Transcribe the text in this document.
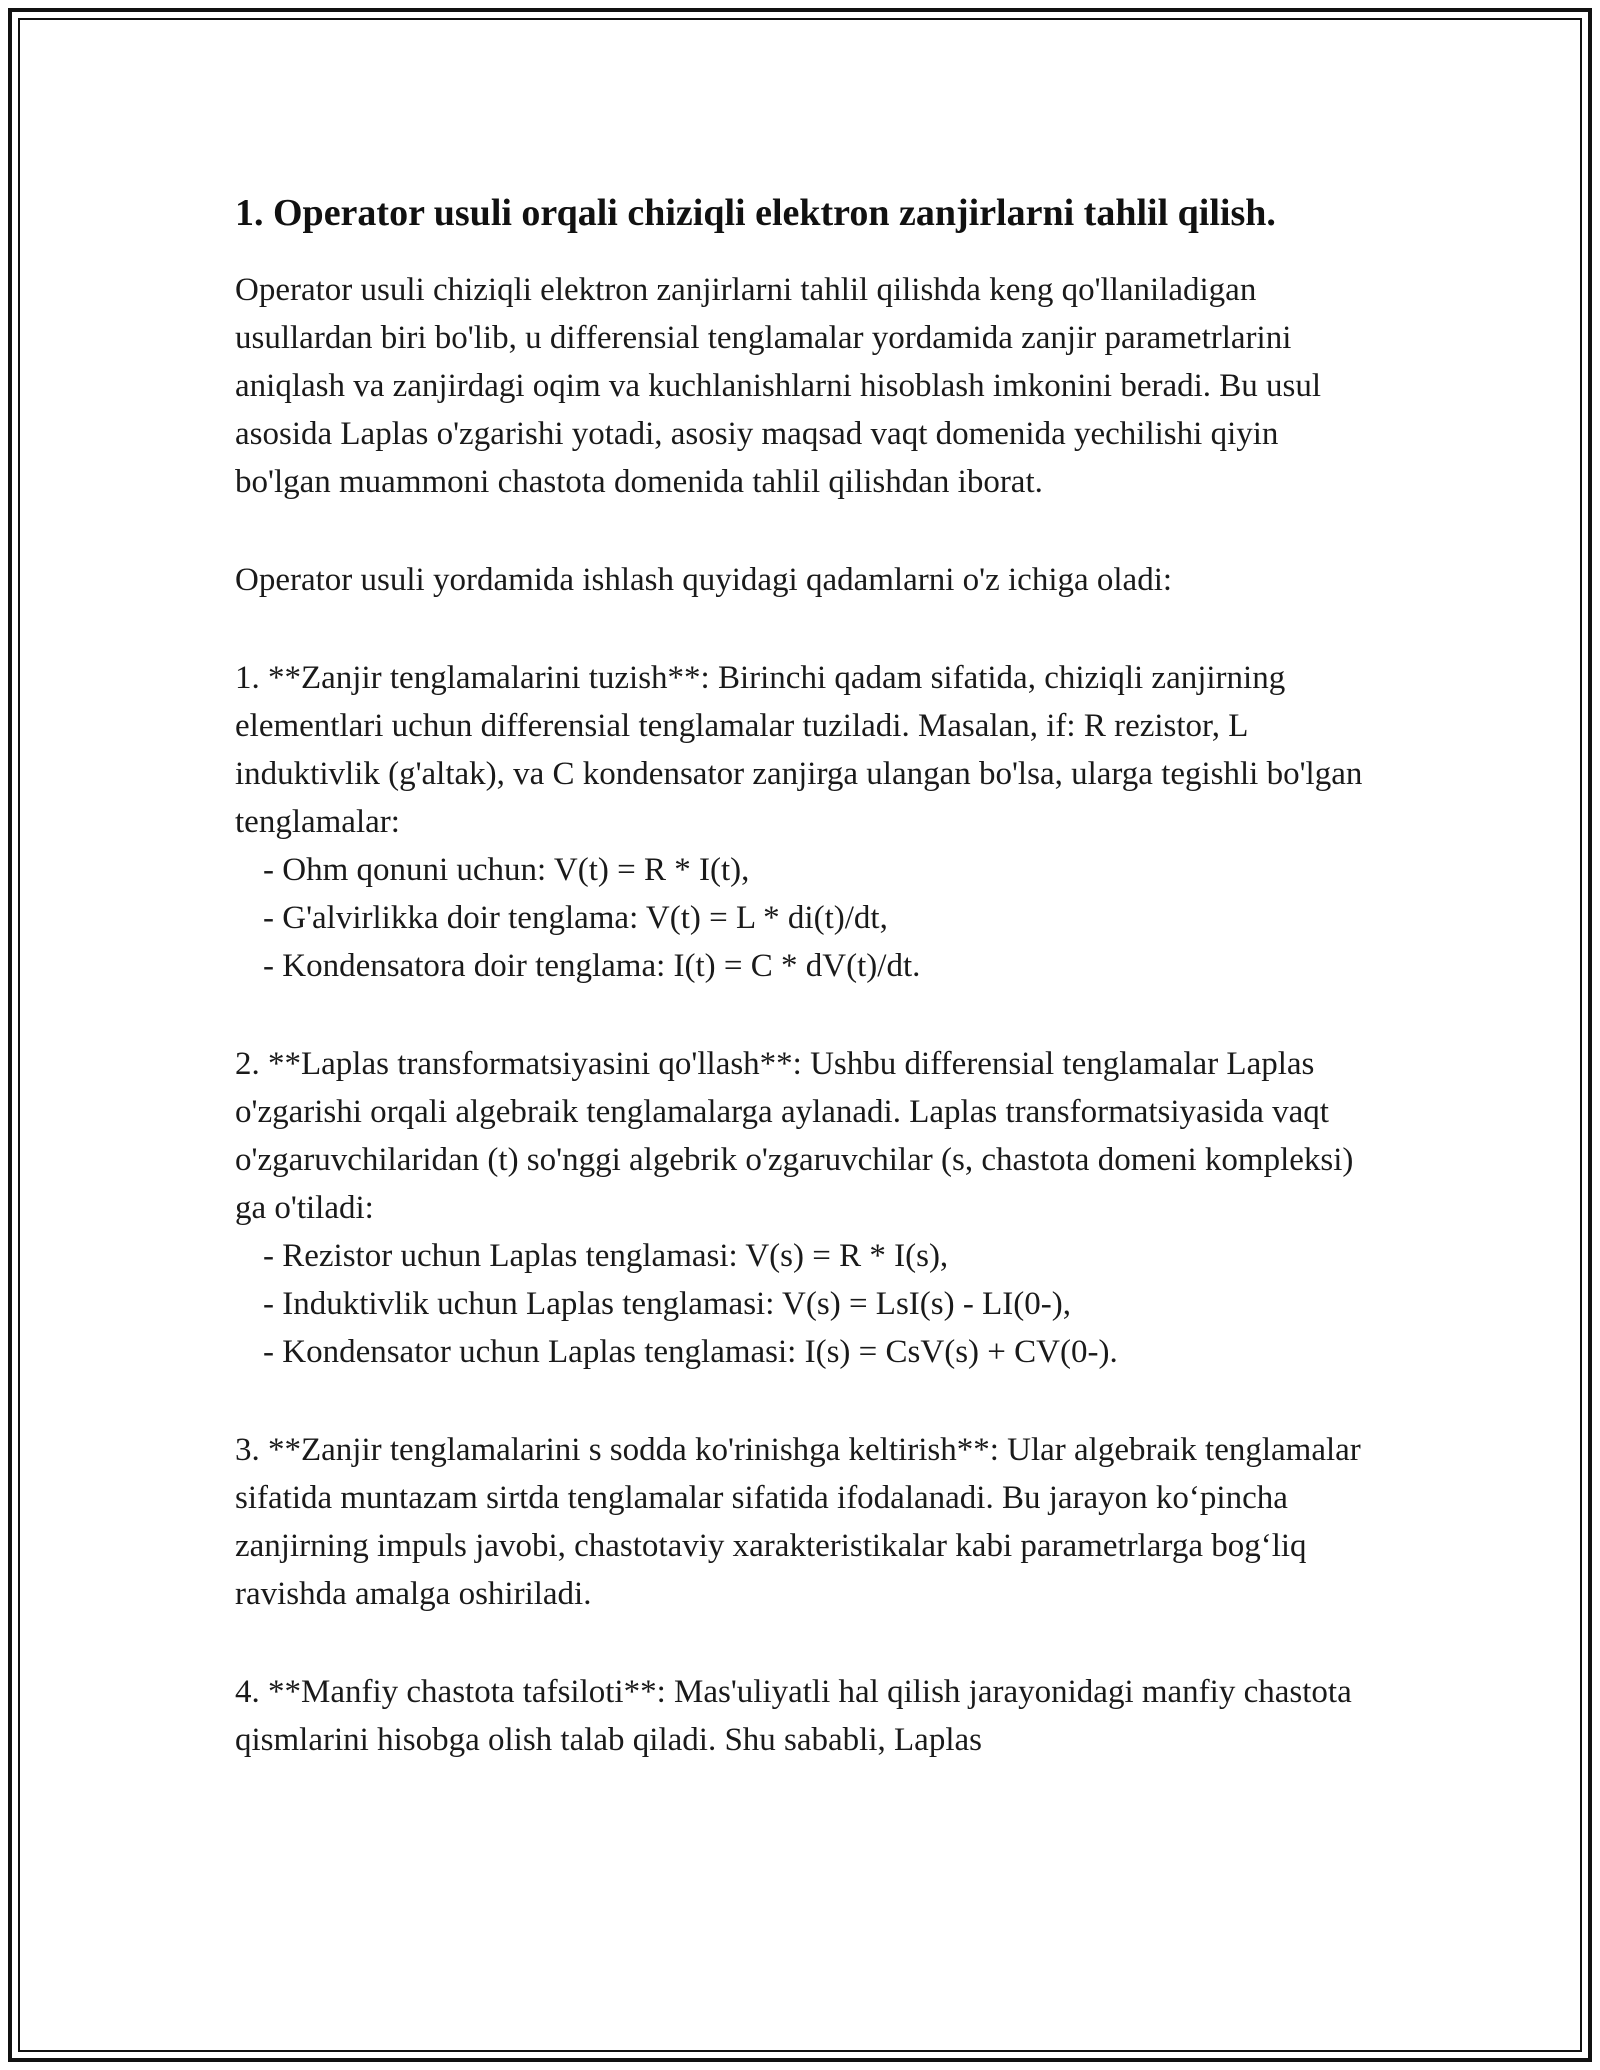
1. Operator usuli orqali chiziqli elektron zanjirlarni tahlil qilish.

Operator usuli chiziqli elektron zanjirlarni tahlil qilishda keng qo'llaniladigan usullardan biri bo'lib, u differensial tenglamalar yordamida zanjir parametrlarini aniqlash va zanjirdagi oqim va kuchlanishlarni hisoblash imkonini beradi. Bu usul asosida Laplas o'zgarishi yotadi, asosiy maqsad vaqt domenida yechilishi qiyin bo'lgan muammoni chastota domenida tahlil qilishdan iborat.

Operator usuli yordamida ishlash quyidagi qadamlarni o'z ichiga oladi:

1. **Zanjir tenglamalarini tuzish**: Birinchi qadam sifatida, chiziqli zanjirning elementlari uchun differensial tenglamalar tuziladi. Masalan, if: R rezistor, L induktivlik (g'altak), va C kondensator zanjirga ulangan bo'lsa, ularga tegishli bo'lgan tenglamalar:

- Ohm qonuni uchun: V(t) = R * I(t),

- G'alvirlikka doir tenglama: V(t) = L * di(t)/dt,

- Kondensatora doir tenglama: I(t) = C * dV(t)/dt.

2. **Laplas transformatsiyasini qo'llash**: Ushbu differensial tenglamalar Laplas o'zgarishi orqali algebraik tenglamalarga aylanadi. Laplas transformatsiyasida vaqt o'zgaruvchilaridan (t) so'nggi algebrik o'zgaruvchilar (s, chastota domeni kompleksi) ga o'tiladi:

- Rezistor uchun Laplas tenglamasi: V(s) = R * I(s),

- Induktivlik uchun Laplas tenglamasi: V(s) = LsI(s) - LI(0-),

- Kondensator uchun Laplas tenglamasi: I(s) = CsV(s) + CV(0-).

3. **Zanjir tenglamalarini s sodda ko'rinishga keltirish**: Ular algebraik tenglamalar sifatida muntazam sirtda tenglamalar sifatida ifodalanadi. Bu jarayon ko‘pincha zanjirning impuls javobi, chastotaviy xarakteristikalar kabi parametrlarga bog‘liq ravishda amalga oshiriladi.

4. **Manfiy chastota tafsiloti**: Mas'uliyatli hal qilish jarayonidagi manfiy chastota qismlarini hisobga olish talab qiladi. Shu sababli, Laplas
